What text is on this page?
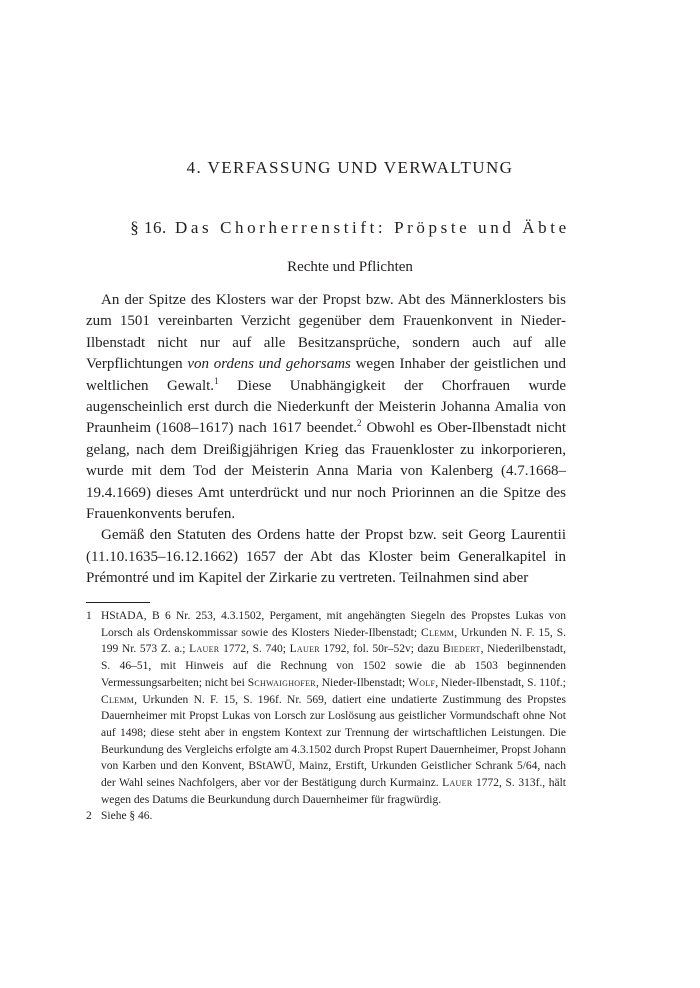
4. VERFASSUNG UND VERWALTUNG
§ 16. Das Chorherrenstift: Pröpste und Äbte
Rechte und Pflichten

An der Spitze des Klosters war der Propst bzw. Abt des Männerklosters bis zum 1501 vereinbarten Verzicht gegenüber dem Frauenkonvent in Nieder-Ilbenstadt nicht nur auf alle Besitzansprüche, sondern auch auf alle Verpflichtungen von ordens und gehorsams wegen Inhaber der geistlichen und weltlichen Gewalt.$^1$ Diese Unabhängigkeit der Chorfrauen wurde augenscheinlich erst durch die Niederkunft der Meisterin Johanna Amalia von Praunheim (1608–1617) nach 1617 beendet.$^2$ Obwohl es Ober-Ilbenstadt nicht gelang, nach dem Dreißigjährigen Krieg das Frauenkloster zu inkorporieren, wurde mit dem Tod der Meisterin Anna Maria von Kalenberg (4.7.1668–19.4.1669) dieses Amt unterdrückt und nur noch Priorinnen an die Spitze des Frauenkonvents berufen.

Gemäß den Statuten des Ordens hatte der Propst bzw. seit Georg Laurentii (11.10.1635–16.12.1662) 1657 der Abt das Kloster beim Generalkapitel in Prémontré und im Kapitel der Zirkarie zu vertreten. Teilnahmen sind aber

1 HStADA, B 6 Nr. 253, 4.3.1502, Pergament, mit angehängten Siegeln des Propstes Lukas von Lorsch als Ordenskommissar sowie des Klosters Nieder-Ilbenstadt; Clemm, Urkunden N. F. 15, S. 199 Nr. 573 Z. a.; Lauer 1772, S. 740; Lauer 1792, fol. 50r–52v; dazu Biedert, Niederilbenstadt, S. 46–51, mit Hinweis auf die Rechnung von 1502 sowie die ab 1503 beginnenden Vermessungsarbeiten; nicht bei Schwaighofer, Nieder-Ilbenstadt; Wolf, Nieder-Ilbenstadt, S. 110f.; Clemm, Urkunden N. F. 15, S. 196f. Nr. 569, datiert eine undatierte Zustimmung des Propstes Dauernheimer mit Propst Lukas von Lorsch zur Loslösung aus geistlicher Vormundschaft ohne Not auf 1498; diese steht aber in engstem Kontext zur Trennung der wirtschaftlichen Leistungen. Die Beurkundung des Vergleichs erfolgte am 4.3.1502 durch Propst Rupert Dauernheimer, Propst Johann von Karben und den Konvent, BStAWÜ, Mainz, Erstift, Urkunden Geistlicher Schrank 5/64, nach der Wahl seines Nachfolgers, aber vor der Bestätigung durch Kurmainz. Lauer 1772, S. 313f., hält wegen des Datums die Beurkundung durch Dauernheimer für fragwürdig.

2 Siehe § 46.
